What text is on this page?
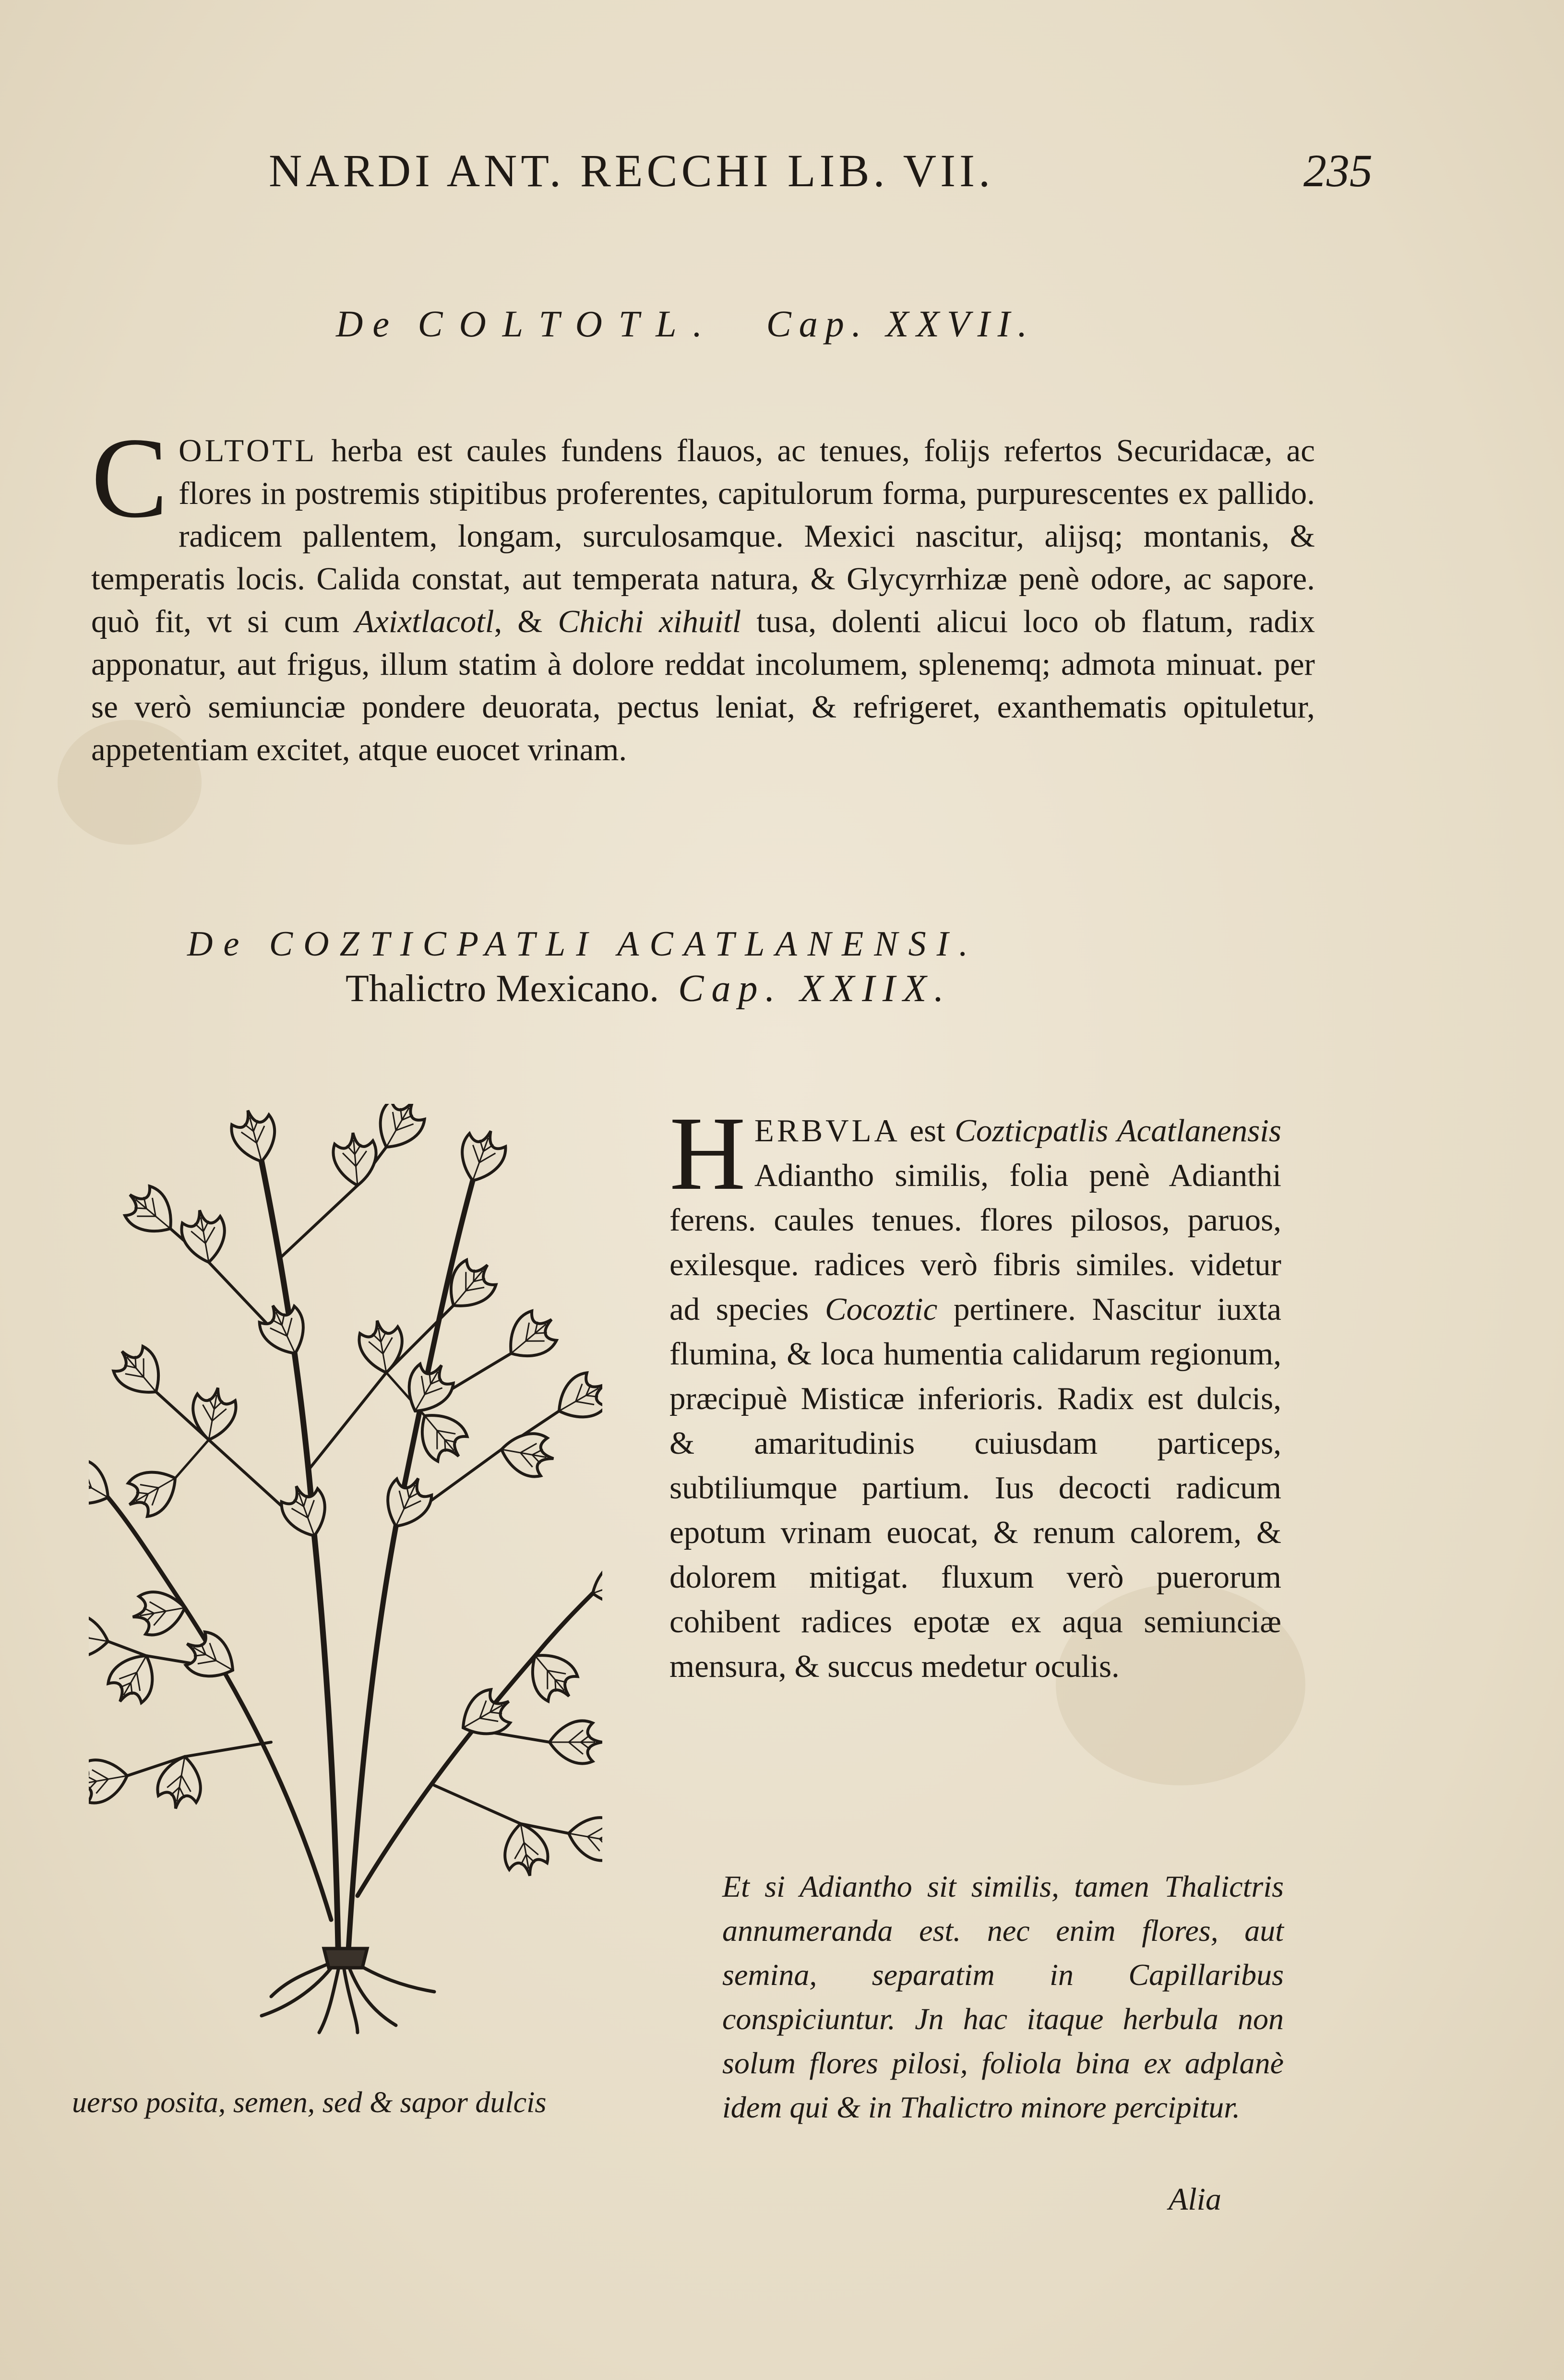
NARDI ANT. RECCHI LIB. VII.	235
De COLTOTL. Cap. XXVII.
COLTOTL herba est caules fundens flauos, ac tenues, folijs refertos Securidacæ, ac flores in postremis stipitibus proferentes, capitulorum forma, purpurescentes ex pallido. radicem pallentem, longam, surculosamque. Mexici nascitur, alijsq; montanis, & temperatis locis. Calida constat, aut temperata natura, & Glycyrrhizæ penè odore, ac sapore. quò fit, vt si cum Axixtlacotl, & Chichi xihuitl tusa, dolenti alicui loco ob flatum, radix apponatur, aut frigus, illum statim à dolore reddat incolumem, splenemq; admota minuat. per se verò semiunciæ pondere deuorata, pectus leniat, & refrigeret, exanthematis opituletur, appetentiam excitet, atque euocet vrinam.
De COZTICPATLI ACATLANENSI.
Thalictro Mexicano. Cap. XXIIX.
HERBVLA est Cozticpatlis Acatlanensis Adiantho similis, folia penè Adianthi ferens. caules tenues. flores pilosos, paruos, exilesque. radices verò fibris similes. videtur ad species Cocoztic pertinere. Nascitur iuxta flumina, & loca humentia calidarum regionum, præcipuè Misticæ inferioris. Radix est dulcis, & amaritudinis cuiusdam particeps, subtiliumque partium. Ius decocti radicum epotum vrinam euocat, & renum calorem, & dolorem mitigat. fluxum verò puerorum cohibent radices epotæ ex aqua semiunciæ mensura, & succus medetur oculis.
Et si Adiantho sit similis, tamen Thalictris annumeranda est. nec enim flores, aut semina, separatim in Capillaribus conspiciuntur. Jn hac itaque herbula non solum flores pilosi, foliola bina ex adplanè idem qui & in Thalictro minore percipitur.
uerso posita, semen, sed & sapor dulcis
Alia
